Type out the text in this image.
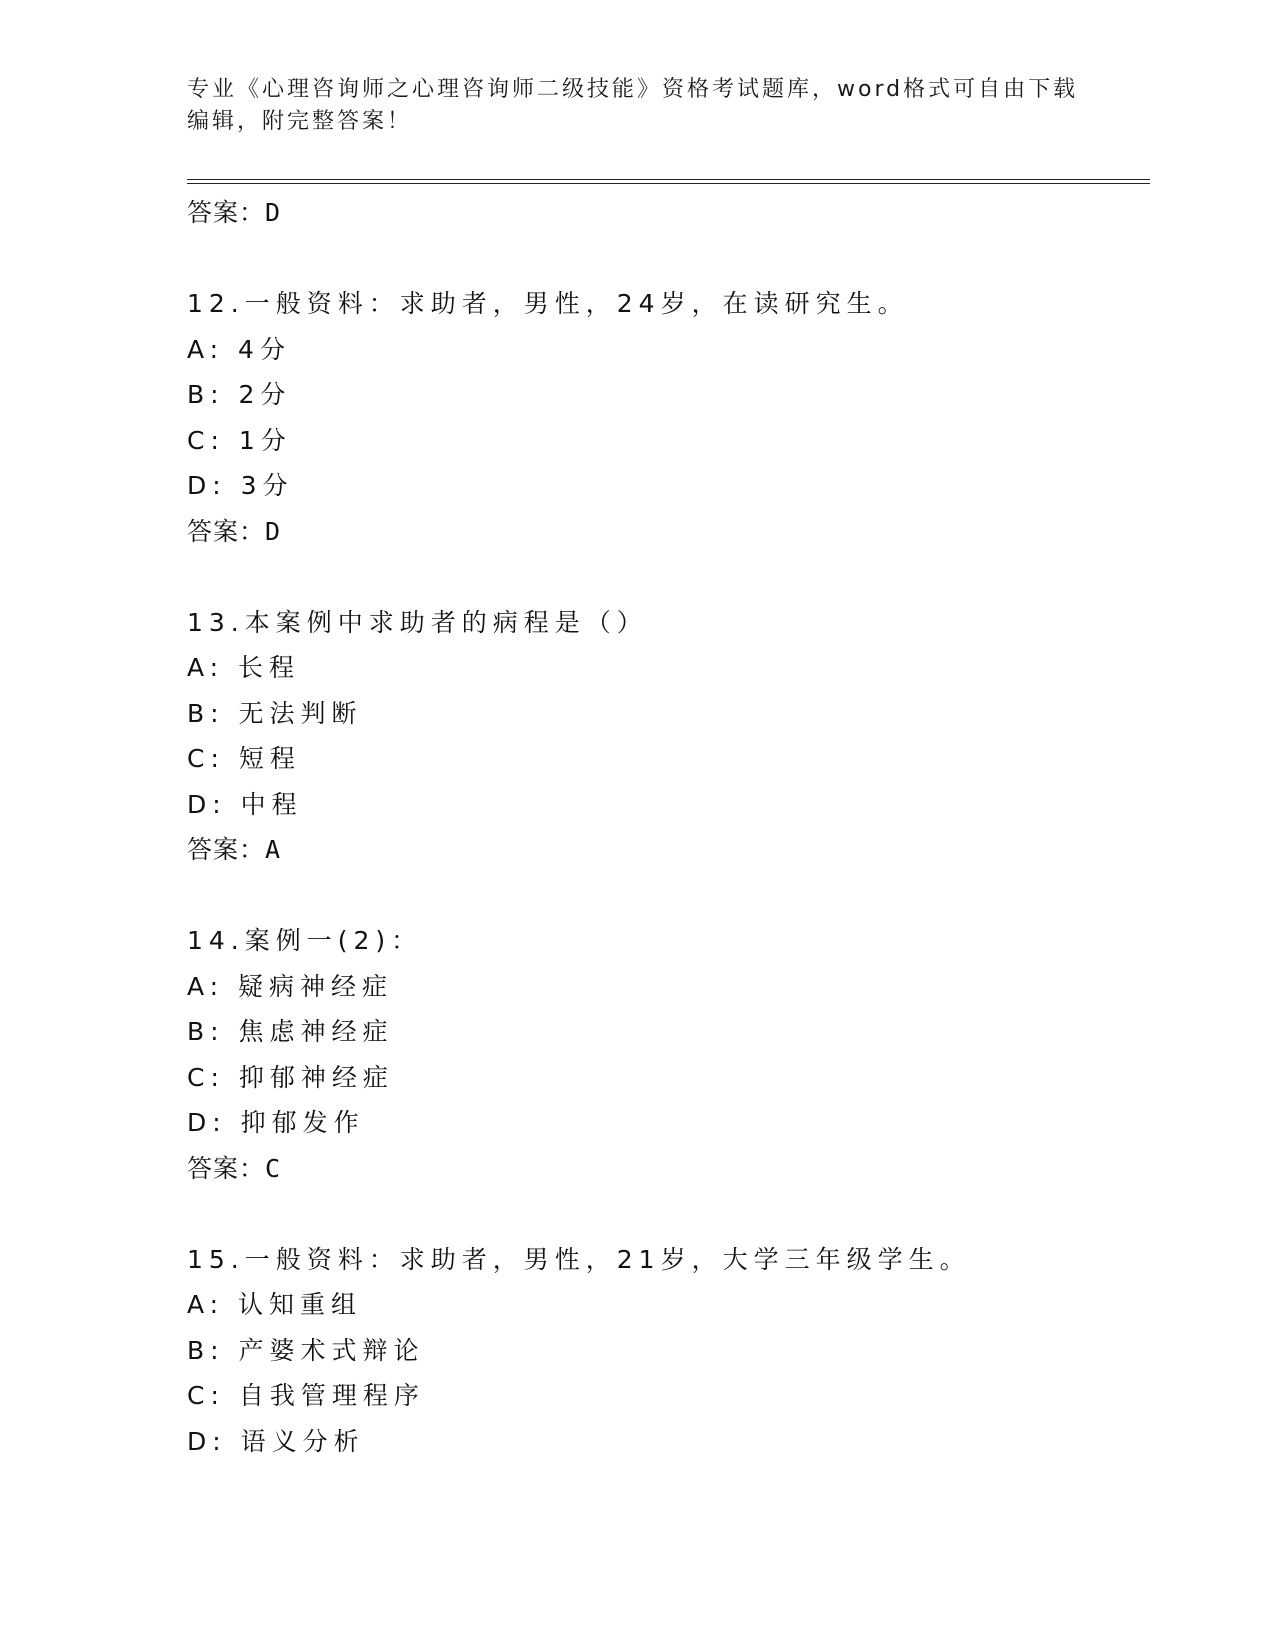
专业《心理咨询师之心理咨询师二级技能》资格考试题库，word格式可自由下载
编辑，附完整答案！
答案：D
12.一般资料：求助者，男性，24岁，在读研究生。
A: 4分
B: 2分
C: 1分
D: 3分
答案：D
13.本案例中求助者的病程是（）
A: 长程
B: 无法判断
C: 短程
D: 中程
答案：A
14.案例一(2)：
A: 疑病神经症
B: 焦虑神经症
C: 抑郁神经症
D: 抑郁发作
答案：C
15.一般资料：求助者，男性，21岁，大学三年级学生。
A: 认知重组
B: 产婆术式辩论
C: 自我管理程序
D: 语义分析
